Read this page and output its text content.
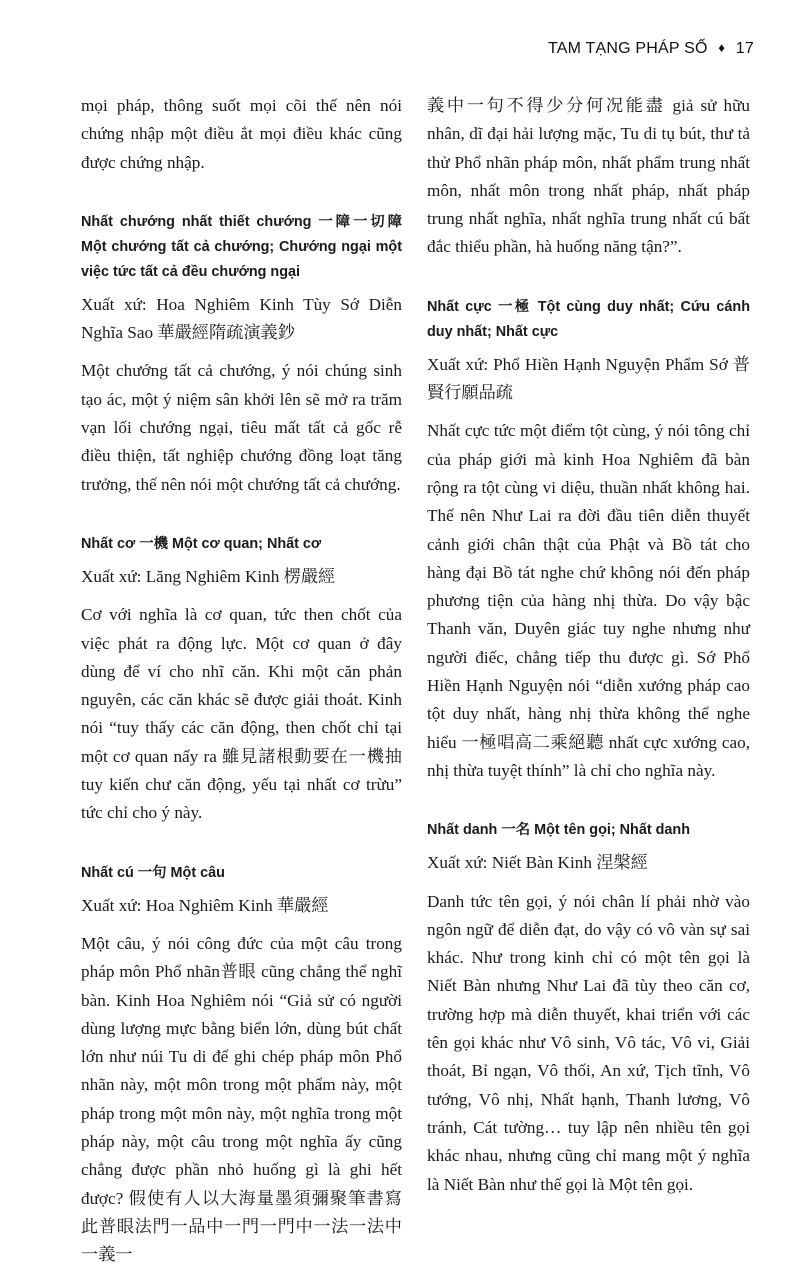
TAM TẠNG PHÁP SỐ ♦ 17

mọi pháp, thông suốt mọi cõi thế nên nói chứng nhập một điều ắt mọi điều khác cũng được chứng nhập.

Nhất chướng nhất thiết chướng 一障一切障 Một chướng tất cả chướng; Chướng ngại một việc tức tất cả đều chướng ngại

Xuất xứ: Hoa Nghiêm Kinh Tùy Sớ Diễn Nghĩa Sao 華嚴經隋疏演義鈔

Một chướng tất cả chướng, ý nói chúng sinh tạo ác, một ý niệm sân khởi lên sẽ mở ra trăm vạn lối chướng ngại, tiêu mất tất cả gốc rễ điều thiện, tất nghiệp chướng đồng loạt tăng trưởng, thế nên nói một chướng tất cả chướng.

Nhất cơ 一機 Một cơ quan; Nhất cơ

Xuất xứ: Lăng Nghiêm Kinh 楞嚴經

Cơ với nghĩa là cơ quan, tức then chốt của việc phát ra động lực. Một cơ quan ở đây dùng để ví cho nhĩ căn. Khi một căn phản nguyên, các căn khác sẽ được giải thoát. Kinh nói “tuy thấy các căn động, then chốt chỉ tại một cơ quan nấy ra 雖見諸根動要在一機抽 tuy kiến chư căn động, yếu tại nhất cơ trừu” tức chỉ cho ý này.

Nhất cú 一句 Một câu

Xuất xứ: Hoa Nghiêm Kinh 華嚴經

Một câu, ý nói công đức của một câu trong pháp môn Phổ nhãn普眼 cũng chẳng thể nghĩ bàn. Kinh Hoa Nghiêm nói “Giả sử có người dùng lượng mực bằng biển lớn, dùng bút chất lớn như núi Tu di để ghi chép pháp môn Phổ nhãn này, một môn trong một phẩm này, một pháp trong một môn này, một nghĩa trong một pháp này, một câu trong một nghĩa ấy cũng chẳng được phần nhỏ huống gì là ghi hết được? 假使有人以大海量墨須彌聚筆書寫此普眼法門一品中一門一門中一法一法中一義一

義中一句不得少分何况能盡 giả sử hữu nhân, dĩ đại hải lượng mặc, Tu di tụ bút, thư tả thử Phổ nhãn pháp môn, nhất phẩm trung nhất môn, nhất môn trong nhất pháp, nhất pháp trung nhất nghĩa, nhất nghĩa trung nhất cú bất đắc thiểu phần, hà huống năng tận?”.

Nhất cực 一極 Tột cùng duy nhất; Cứu cánh duy nhất; Nhất cực

Xuất xứ: Phổ Hiền Hạnh Nguyện Phẩm Sớ 普賢行願品疏

Nhất cực tức một điểm tột cùng, ý nói tông chỉ của pháp giới mà kinh Hoa Nghiêm đã bàn rộng ra tột cùng vi diệu, thuần nhất không hai. Thế nên Như Lai ra đời đầu tiên diễn thuyết cảnh giới chân thật của Phật và Bồ tát cho hàng đại Bồ tát nghe chứ không nói đến pháp phương tiện của hàng nhị thừa. Do vậy bậc Thanh văn, Duyên giác tuy nghe nhưng như người điếc, chẳng tiếp thu được gì. Sớ Phổ Hiền Hạnh Nguyện nói “diễn xướng pháp cao tột duy nhất, hàng nhị thừa không thể nghe hiểu 一極唱高二乘絕聽 nhất cực xướng cao, nhị thừa tuyệt thính” là chỉ cho nghĩa này.

Nhất danh 一名 Một tên gọi; Nhất danh

Xuất xứ: Niết Bàn Kinh 涅槃經

Danh tức tên gọi, ý nói chân lí phải nhờ vào ngôn ngữ để diễn đạt, do vậy có vô vàn sự sai khác. Như trong kinh chỉ có một tên gọi là Niết Bàn nhưng Như Lai đã tùy theo căn cơ, trường hợp mà diễn thuyết, khai triển với các tên gọi khác như Vô sinh, Vô tác, Vô vi, Giải thoát, Bỉ ngạn, Vô thối, An xứ, Tịch tĩnh, Vô tướng, Vô nhị, Nhất hạnh, Thanh lương, Vô tránh, Cát tường… tuy lập nên nhiều tên gọi khác nhau, nhưng cũng chỉ mang một ý nghĩa là Niết Bàn như thế gọi là Một tên gọi.
